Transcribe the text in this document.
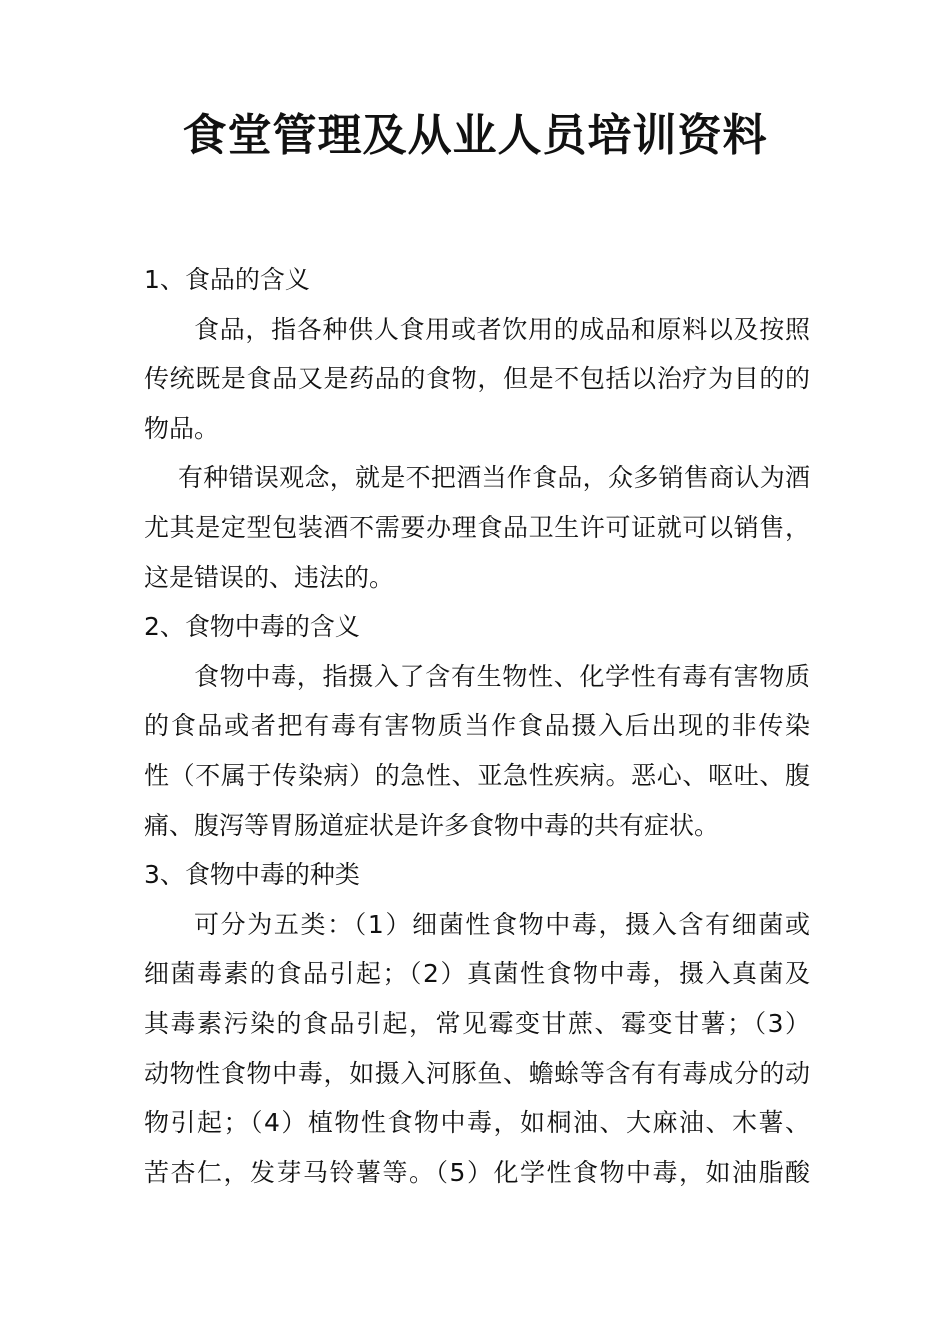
食堂管理及从业人员培训资料
1、食品的含义
食品，指各种供人食用或者饮用的成品和原料以及按照
传统既是食品又是药品的食物，但是不包括以治疗为目的的
物品。
有种错误观念，就是不把酒当作食品，众多销售商认为酒
尤其是定型包装酒不需要办理食品卫生许可证就可以销售，
这是错误的、违法的。
2、食物中毒的含义
食物中毒，指摄入了含有生物性、化学性有毒有害物质
的食品或者把有毒有害物质当作食品摄入后出现的非传染
性（不属于传染病）的急性、亚急性疾病。恶心、呕吐、腹
痛、腹泻等胃肠道症状是许多食物中毒的共有症状。
3、食物中毒的种类
可分为五类：（1）细菌性食物中毒，摄入含有细菌或
细菌毒素的食品引起；（2）真菌性食物中毒，摄入真菌及
其毒素污染的食品引起，常见霉变甘蔗、霉变甘薯；（3）
动物性食物中毒，如摄入河豚鱼、蟾蜍等含有有毒成分的动
物引起；（4）植物性食物中毒，如桐油、大麻油、木薯、
苦杏仁，发芽马铃薯等。（5）化学性食物中毒，如油脂酸
